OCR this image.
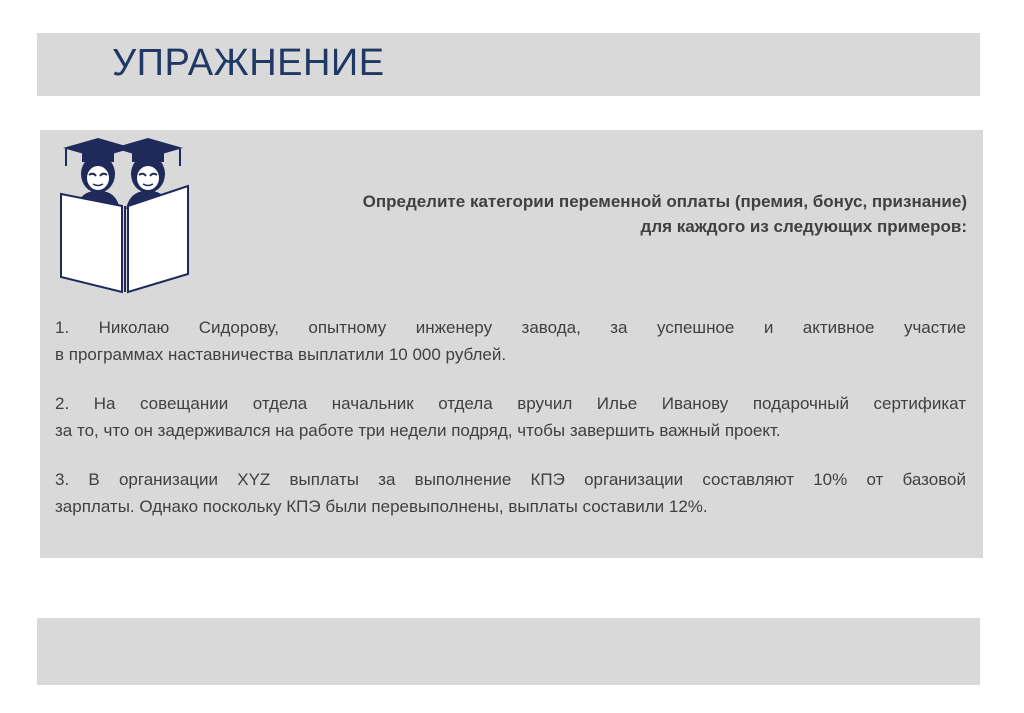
УПРАЖНЕНИЕ
Определите категории переменной оплаты (премия, бонус, признание)
для каждого из следующих примеров:
1. Николаю Сидорову, опытному инженеру завода, за успешное и активное участие
в программах наставничества выплатили 10 000 рублей.
2. На совещании отдела начальник отдела вручил Илье Иванову подарочный сертификат
за то, что он задерживался на работе три недели подряд, чтобы завершить важный проект.
3. В организации XYZ выплаты за выполнение КПЭ организации составляют 10% от базовой
зарплаты. Однако поскольку КПЭ были перевыполнены, выплаты составили 12%.
